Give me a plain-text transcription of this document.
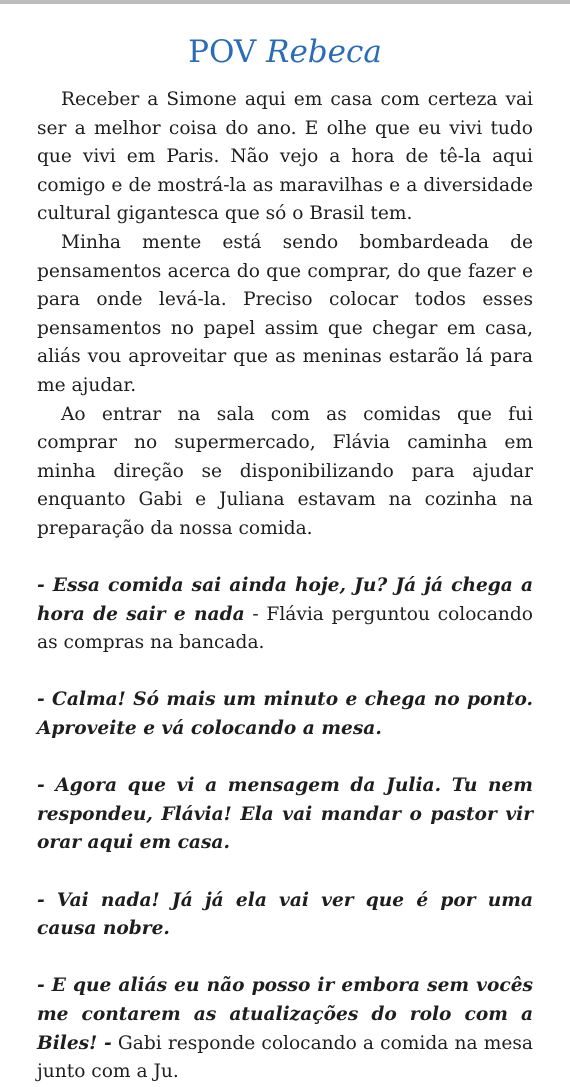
POV Rebeca

Receber a Simone aqui em casa com certeza vai ser a melhor coisa do ano. E olhe que eu vivi tudo que vivi em Paris. Não vejo a hora de tê-la aqui comigo e de mostrá-la as maravilhas e a diversidade cultural gigantesca que só o Brasil tem.

Minha mente está sendo bombardeada de pensamentos acerca do que comprar, do que fazer e para onde levá-la. Preciso colocar todos esses pensamentos no papel assim que chegar em casa, aliás vou aproveitar que as meninas estarão lá para me ajudar.

Ao entrar na sala com as comidas que fui comprar no supermercado, Flávia caminha em minha direção se disponibilizando para ajudar enquanto Gabi e Juliana estavam na cozinha na preparação da nossa comida.

- Essa comida sai ainda hoje, Ju? Já já chega a hora de sair e nada - Flávia perguntou colocando as compras na bancada.

- Calma! Só mais um minuto e chega no ponto. Aproveite e vá colocando a mesa.

- Agora que vi a mensagem da Julia. Tu nem respondeu, Flávia! Ela vai mandar o pastor vir orar aqui em casa.

- Vai nada! Já já ela vai ver que é por uma causa nobre.

- E que aliás eu não posso ir embora sem vocês me contarem as atualizações do rolo com a Biles! - Gabi responde colocando a comida na mesa junto com a Ju.
